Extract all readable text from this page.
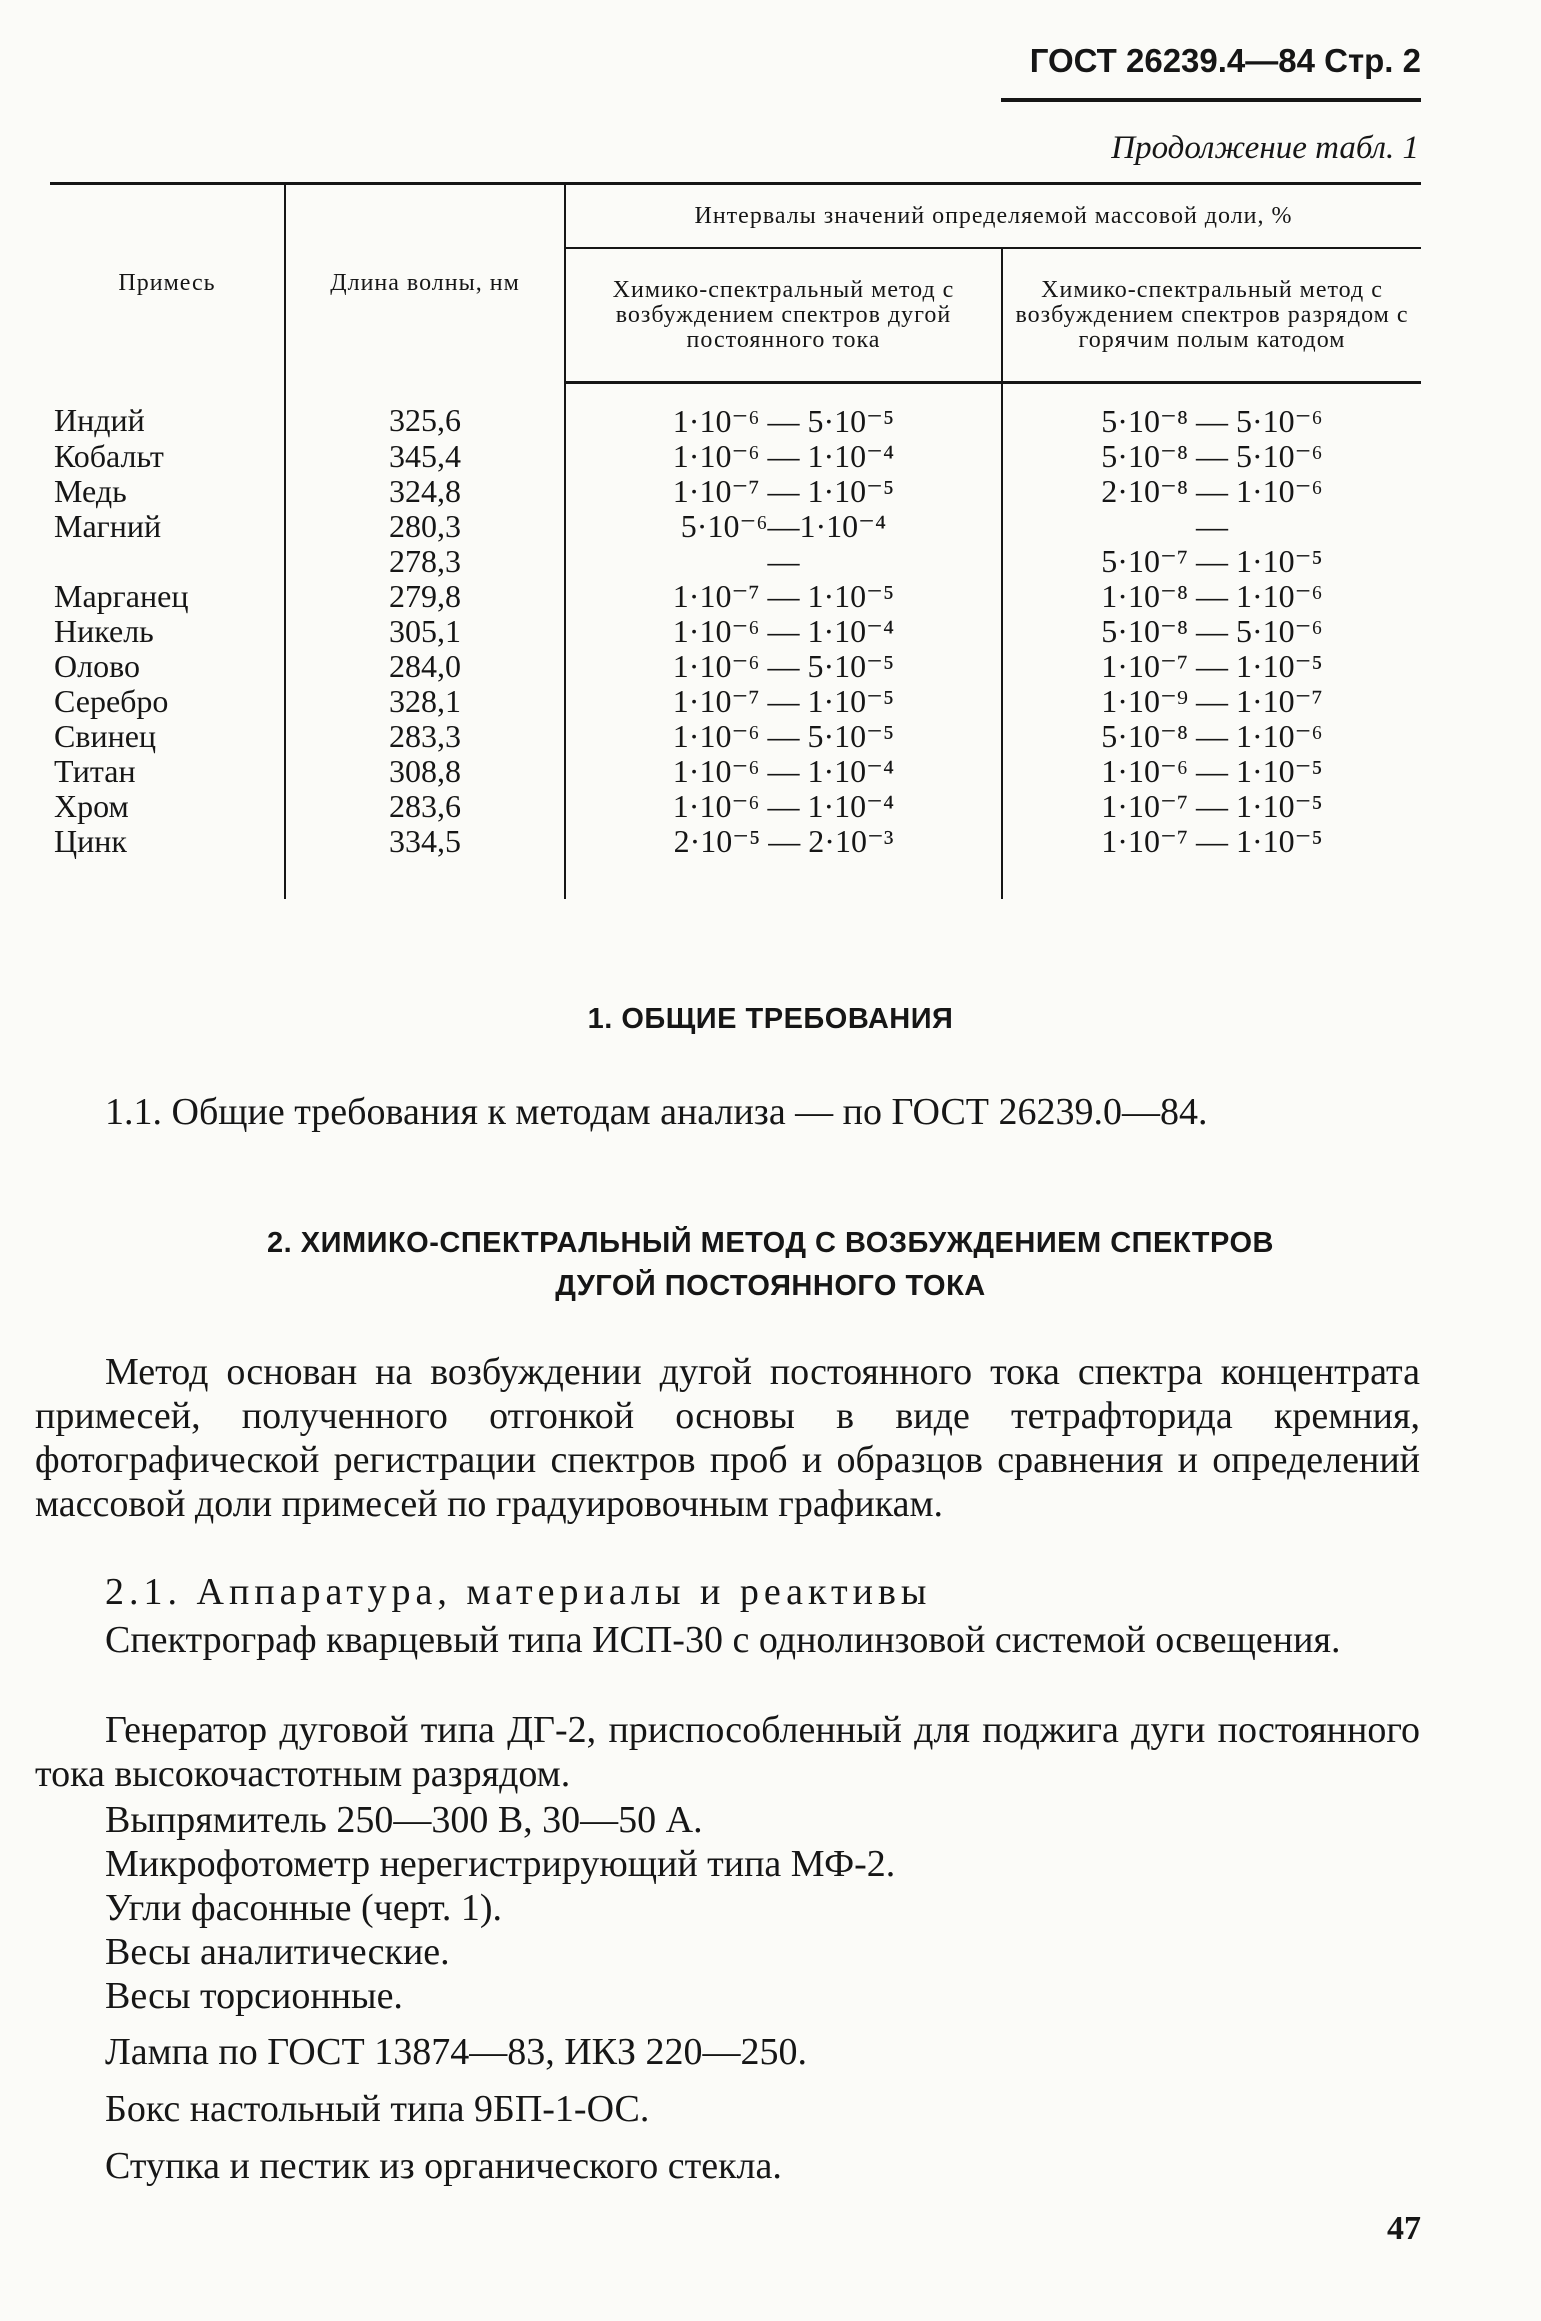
ГОСТ 26239.4—84 Стр. 2
Продолжение табл. 1
Примесь	Длина волны, нм	Интервалы значений определяемой массовой доли, %	
		Химико-спектральный метод с возбуждением спектров дугой постоянного тока	Химико-спектральный метод с возбуждением спектров разрядом с горячим полым катодом
Индий	325,6	1·10⁻⁶ — 5·10⁻⁵	5·10⁻⁸ — 5·10⁻⁶
Кобальт	345,4	1·10⁻⁶ — 1·10⁻⁴	5·10⁻⁸ — 5·10⁻⁶
Медь	324,8	1·10⁻⁷ — 1·10⁻⁵	2·10⁻⁸ — 1·10⁻⁶
Магний	280,3	5·10⁻⁶—1·10⁻⁴	—
	278,3	—	5·10⁻⁷ — 1·10⁻⁵
Марганец	279,8	1·10⁻⁷ — 1·10⁻⁵	1·10⁻⁸ — 1·10⁻⁶
Никель	305,1	1·10⁻⁶ — 1·10⁻⁴	5·10⁻⁸ — 5·10⁻⁶
Олово	284,0	1·10⁻⁶ — 5·10⁻⁵	1·10⁻⁷ — 1·10⁻⁵
Серебро	328,1	1·10⁻⁷ — 1·10⁻⁵	1·10⁻⁹ — 1·10⁻⁷
Свинец	283,3	1·10⁻⁶ — 5·10⁻⁵	5·10⁻⁸ — 1·10⁻⁶
Титан	308,8	1·10⁻⁶ — 1·10⁻⁴	1·10⁻⁶ — 1·10⁻⁵
Хром	283,6	1·10⁻⁶ — 1·10⁻⁴	1·10⁻⁷ — 1·10⁻⁵
Цинк	334,5	2·10⁻⁵ — 2·10⁻³	1·10⁻⁷ — 1·10⁻⁵
1. ОБЩИЕ ТРЕБОВАНИЯ
1.1. Общие требования к методам анализа — по ГОСТ 26239.0—84.
2. ХИМИКО-СПЕКТРАЛЬНЫЙ МЕТОД С ВОЗБУЖДЕНИЕМ СПЕКТРОВ
ДУГОЙ ПОСТОЯННОГО ТОКА
Метод основан на возбуждении дугой постоянного тока спектра концентрата примесей, полученного отгонкой основы в виде тетрафторида кремния, фотографической регистрации спектров проб и образцов сравнения и определений массовой доли примесей по градуировочным графикам.
2.1. Аппаратура, материалы и реактивы
Спектрограф кварцевый типа ИСП-30 с однолинзовой системой освещения.
Генератор дуговой типа ДГ-2, приспособленный для поджига дуги постоянного тока высокочастотным разрядом.
Выпрямитель 250—300 В, 30—50 А.
Микрофотометр нерегистрирующий типа МФ-2.
Угли фасонные (черт. 1).
Весы аналитические.
Весы торсионные.
Лампа по ГОСТ 13874—83, ИКЗ 220—250.
Бокс настольный типа 9БП-1-ОС.
Ступка и пестик из органического стекла.
47
